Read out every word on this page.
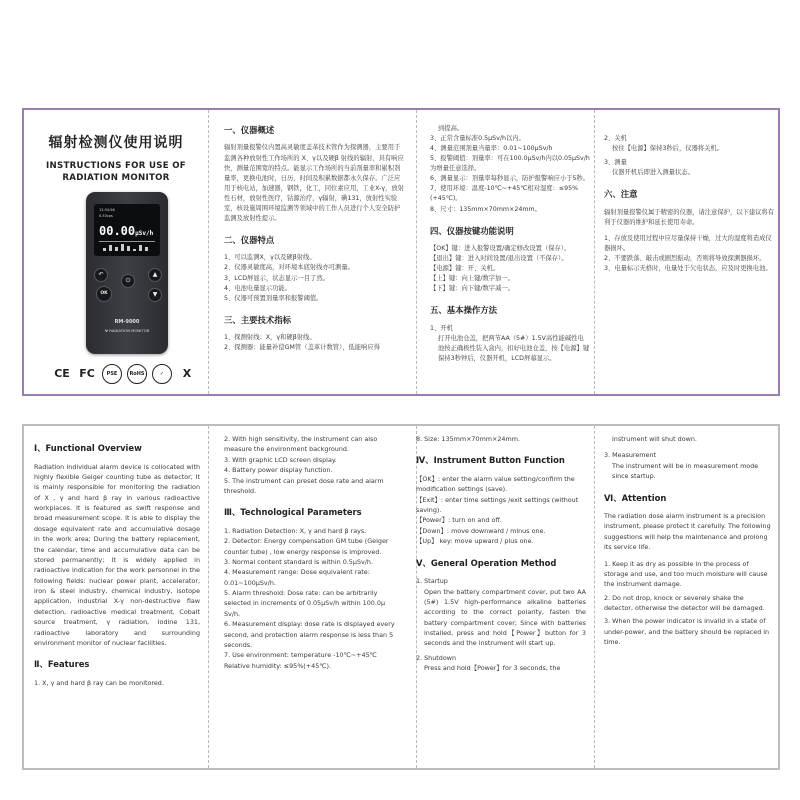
辐射检测仪使用说明
INSTRUCTIONS FOR USE OF
RADIATION MONITOR
12:34:56
0.53cps
00.00μSv/h
↶
⏻
▲
OK	▼
RM-9000
☢ RADIATION MONITOR
CE FC	PSE	RoHS	✓	X
一、仪器概述

辐射剂量报警仪内置高灵敏度盖革技术管作为探测器，主要用于监测各种放射性工作场所的 X、γ以及硬β 射线的辐射，具有响应快、测量范围宽的特点。能显示工作场所的当前剂量率和累积剂量率，更换电池时，日历，时间及积累数据都永久保存。广泛应用于核电站，加速器，钢铁，化工，同位素应用，工业X-γ，放射性石材，放射性医疗，钴源治疗，γ辐射，碘131，放射性实验室，核设施周围环境监测等领域中的工作人员进行个人安全防护监测及放射性提示。

二、仪器特点
1、可以监测X，γ以及硬β射线。
2、仪器灵敏度高，对环境本底射线亦可测量。
3、LCD屏显示，状态显示一目了然。
4、电池电量显示功能。
5、仪器可预置剂量率和报警阈值。
三、主要技术指标
1、探测射线：X，γ和硬β射线。
2、探测器：能量补偿GM管（盖革计数管），低能响应得
到提高。
3、正常含量标准0.5μSv/h以内。
4、测量范围剂量当量率：0.01~100μSv/h
5、报警阈值：剂量率：可在100.0μSv/h内以0.05μSv/h 为增量任意选择。
6、测量显示：剂量率每秒显示，防护报警响应小于5秒。
7、使用环境：温度-10℃~+45℃相对湿度：≤95%(+45℃)。
8、尺寸：135mm×70mm×24mm。
四、仪器按键功能说明
【OK】键：进入报警设置/确定修改设置（保存）。
【退出】键：进入时间设置/退出设置（不保存）。
【电源】键：开、关机。
【上】键：向上键/数字加一。
【下】键：向下键/数字减一。
五、基本操作方法
1、开机

打开电池仓盖，把两节AA（5#）1.5V高性能碱性电池按正确极性装入盒内，扣好电池仓盖，按【电源】键保持3秒钟后，仪器开机，LCD屏幕显示。

2、关机

按住【电源】保持3秒后，仪器将关机。

3、测量

仪器开机后即进入测量状态。

六、注意

辐射剂量报警仪属于精密的仪器，请注意保护，以下建议将有利于仪器的维护和延长使用寿命。

1、存放及使用过程中应尽量保持干燥，过大的湿度将造成仪器损坏。
2、不要跌落、敲击或剧烈振动，否则将导致探测器损坏。
3、电量标示无格时，电量处于欠电状态，应及时更换电池。
Ⅰ、Functional Overview

Radiation individual alarm device is collocated with highly flexible Geiger counting tube as detector; It is mainly responsible for monitoring the radiation of X , γ and hard β ray in various radioactive workplaces. It is featured as swift response and broad measurement scope. It is able to display the dosage equivalent rate and accumulative dosage in the work area; During the battery replacement, the calendar, time and accumulative data can be stored permanently; It is widely applied in radioactive indication for the work personnel in the following fields: nuclear power plant, accelerator, iron & steel industry, chemical industry, isotope application, industrial X-γ non-destructive flaw detection, radioactive medical treatment, Cobalt source treatment, γ radiation, Iodine 131, radioactive laboratory and surrounding environment monitor of nuclear facilities.

Ⅱ、Features
1. X, γ and hard β ray can be monitored.
2. With high sensitivity, the instrument can also measure the environment background.
3. With graphic LCD screen display.
4. Battery power display function.
5. The instrument can preset dose rate and alarm threshold.
Ⅲ、Technological Parameters
1. Radiation Detection: X, γ and hard β rays.
2. Detector: Energy compensation GM tube (Geiger counter tube) , low energy response is improved.
3. Normal content standard is within 0.5μSv/h.
4. Measurement range: Dose equivalent rate: 0.01~100μSv/h.
5. Alarm threshold: Dose rate: can be arbitrarily selected in increments of 0.05μSv/h within 100.0μ Sv/h.
6. Measurement display: dose rate is displayed every second, and protection alarm response is less than 5 seconds.
7. Use environment: temperature -10℃~+45℃ Relative humidity: ≤95%(+45℃).
8. Size: 135mm×70mm×24mm.
Ⅳ、Instrument Button Function
【OK】: enter the alarm value setting/confirm the modification settings (save).
【Exit】: enter time settings /exit settings (without saving).
【Power】: turn on and off.
【Down】: move downward / minus one.
【Up】 key: move upward / plus one.
Ⅴ、General Operation Method
1. Startup

Open the battery compartment cover, put two AA (5#) 1.5V high-performance alkaline batteries according to the correct polarity, fasten the battery compartment cover; Since with batteries installed, press and hold【Power】button for 3 seconds and the instrument will start up.

2. Shutdown

Press and hold【Power】for 3 seconds, the

instrument will shut down.

3. Measurement

The instrument will be in measurement mode since startup.

Ⅵ、Attention

The radiation dose alarm instrument is a precision instrument, please protect it carefully. The following suggestions will help the maintenance and prolong its service life.

1. Keep it as dry as possible in the process of storage and use, and too much moisture will cause the instrument damage.
2. Do not drop, knock or severely shake the detector, otherwise the detector will be damaged.
3. When the power indicator is invalid in a state of under-power, and the battery should be replaced in time.
